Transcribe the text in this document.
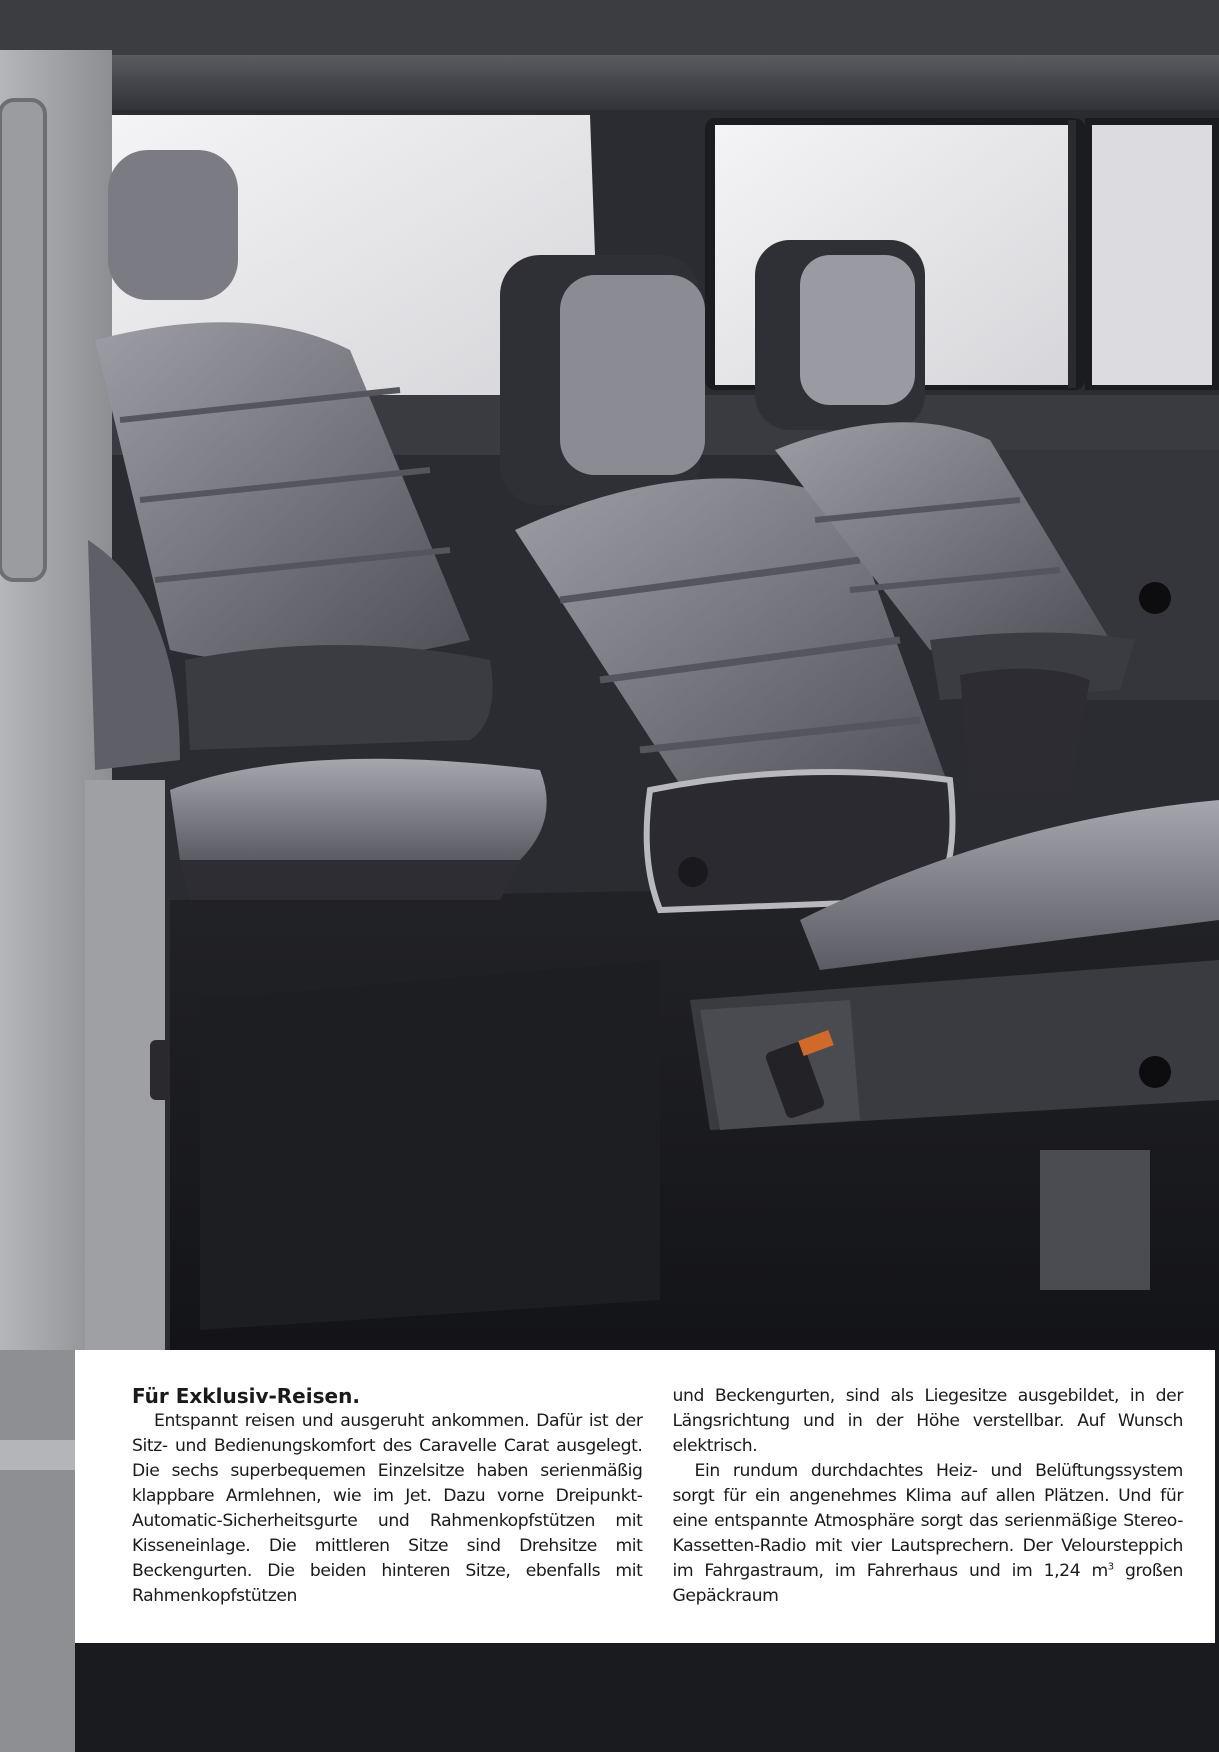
Für Exklusiv-Reisen.

Entspannt reisen und ausgeruht ankommen. Dafür ist der Sitz- und Bedienungskomfort des Caravelle Carat ausgelegt. Die sechs superbequemen Einzelsitze haben serienmäßig klappbare Armlehnen, wie im Jet. Dazu vorne Dreipunkt-Automatic-Sicherheitsgurte und Rahmenkopfstützen mit Kisseneinlage. Die mittleren Sitze sind Drehsitze mit Beckengurten. Die beiden hinteren Sitze, ebenfalls mit Rahmenkopfstützen

und Beckengurten, sind als Liegesitze ausgebildet, in der Längsrichtung und in der Höhe verstellbar. Auf Wunsch elektrisch.

Ein rundum durchdachtes Heiz- und Belüftungssystem sorgt für ein angenehmes Klima auf allen Plätzen. Und für eine entspannte Atmosphäre sorgt das serienmäßige Stereo-Kassetten-Radio mit vier Lautsprechern. Der Veloursteppich im Fahrgastraum, im Fahrerhaus und im 1,24 $m^3$ großen Gepäckraum
